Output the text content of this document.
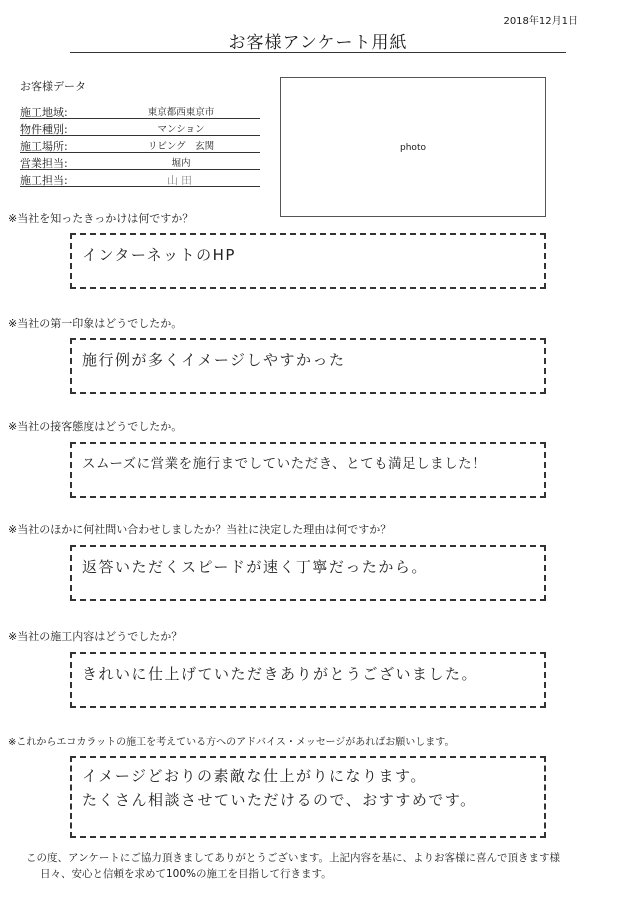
2018年12月1日
お客様アンケート用紙
お客様データ
施工地域:	東京都西東京市
物件種別:	マンション
施工場所:	リビング　玄関
営業担当:	堀内
施工担当:	山田
photo
※当社を知ったきっかけは何ですか？
インターネットのHP
※当社の第一印象はどうでしたか。
施行例が多くイメージしやすかった
※当社の接客態度はどうでしたか。
スムーズに営業を施行までしていただき、とても満足しました！
※当社のほかに何社問い合わせしましたか？当社に決定した理由は何ですか？
返答いただくスピードが速く丁寧だったから。
※当社の施工内容はどうでしたか？
きれいに仕上げていただきありがとうございました。
※これからエコカラットの施工を考えている方へのアドバイス・メッセージがあればお願いします。
イメージどおりの素敵な仕上がりになります。
たくさん相談させていただけるので、おすすめです。
この度、アンケートにご協力頂きましてありがとうございます。上記内容を基に、よりお客様に喜んで頂きます様
日々、安心と信頼を求めて100%の施工を目指して行きます。
